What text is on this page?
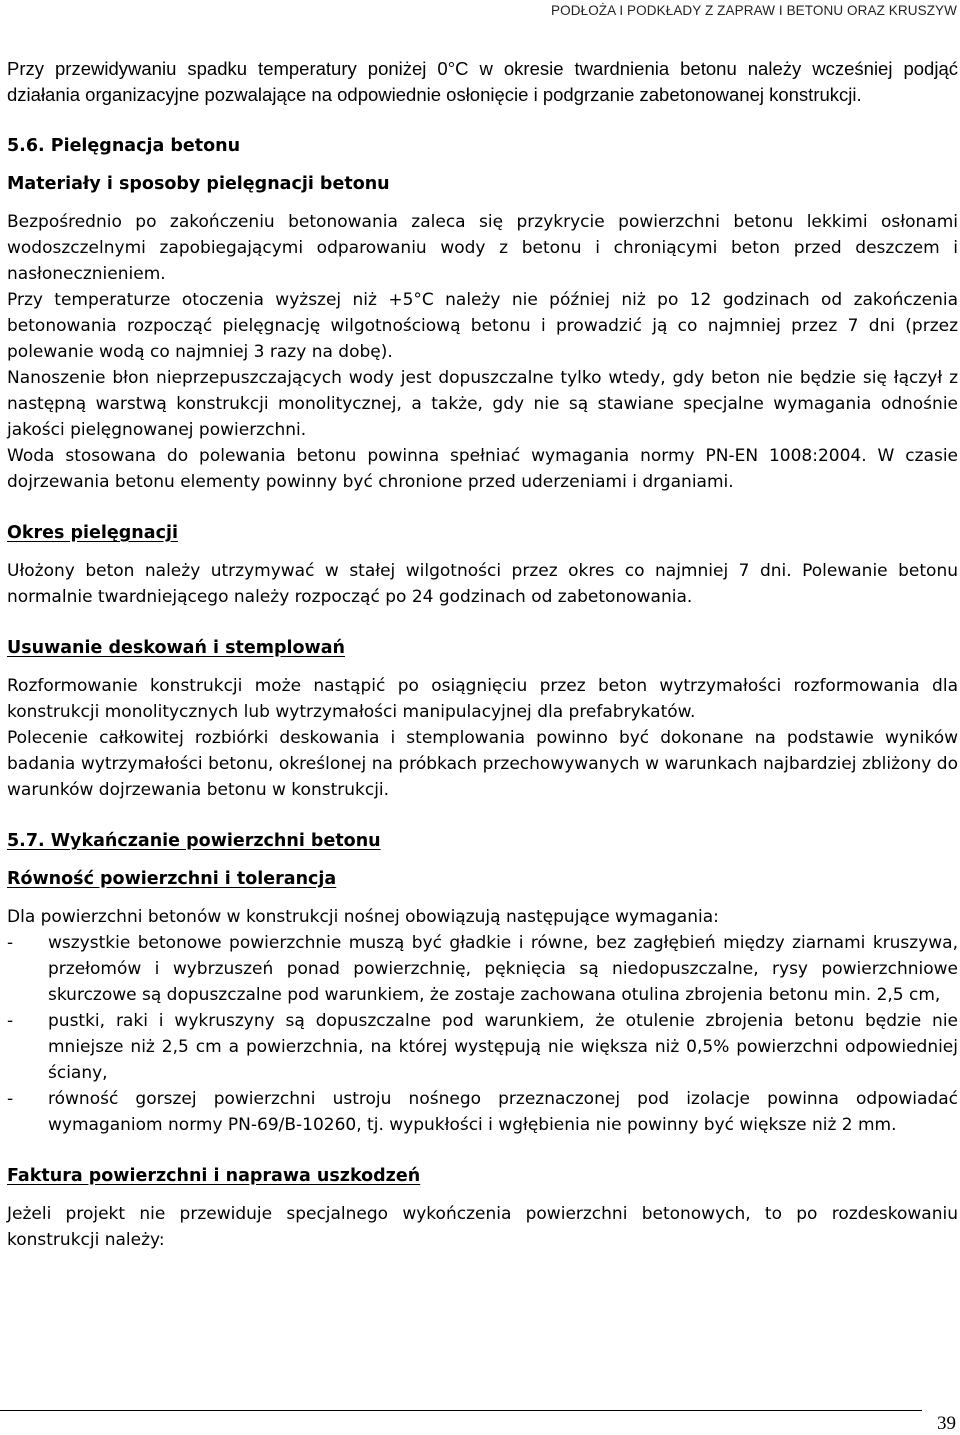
PODŁOŻA I PODKŁADY Z ZAPRAW I BETONU ORAZ KRUSZYW

Przy przewidywaniu spadku temperatury poniżej 0°C w okresie twardnienia betonu należy wcześniej podjąć działania organizacyjne pozwalające na odpowiednie osłonięcie i podgrzanie zabetonowanej konstrukcji.

5.6. Pielęgnacja betonu

Materiały i sposoby pielęgnacji betonu

Bezpośrednio po zakończeniu betonowania zaleca się przykrycie powierzchni betonu lekkimi osłonami wodoszczelnymi zapobiegającymi odparowaniu wody z betonu i chroniącymi beton przed deszczem i nasłonecznieniem.

Przy temperaturze otoczenia wyższej niż +5°C należy nie później niż po 12 godzinach od zakończenia betonowania rozpocząć pielęgnację wilgotnościową betonu i prowadzić ją co najmniej przez 7 dni (przez polewanie wodą co najmniej 3 razy na dobę).

Nanoszenie błon nieprzepuszczających wody jest dopuszczalne tylko wtedy, gdy beton nie będzie się łączył z następną warstwą konstrukcji monolitycznej, a także, gdy nie są stawiane specjalne wymagania odnośnie jakości pielęgnowanej powierzchni.

Woda stosowana do polewania betonu powinna spełniać wymagania normy PN-EN 1008:2004. W czasie dojrzewania betonu elementy powinny być chronione przed uderzeniami i drganiami.

Okres pielęgnacji

Ułożony beton należy utrzymywać w stałej wilgotności przez okres co najmniej 7 dni. Polewanie betonu normalnie twardniejącego należy rozpocząć po 24 godzinach od zabetonowania.

Usuwanie deskowań i stemplowań

Rozformowanie konstrukcji może nastąpić po osiągnięciu przez beton wytrzymałości rozformowania dla konstrukcji monolitycznych lub wytrzymałości manipulacyjnej dla prefabrykatów.

Polecenie całkowitej rozbiórki deskowania i stemplowania powinno być dokonane na podstawie wyników badania wytrzymałości betonu, określonej na próbkach przechowywanych w warunkach najbardziej zbliżony do warunków dojrzewania betonu w konstrukcji.

5.7. Wykańczanie powierzchni betonu

Równość powierzchni i tolerancja

Dla powierzchni betonów w konstrukcji nośnej obowiązują następujące wymagania:

- wszystkie betonowe powierzchnie muszą być gładkie i równe, bez zagłębień między ziarnami kruszywa, przełomów i wybrzuszeń ponad powierzchnię, pęknięcia są niedopuszczalne, rysy powierzchniowe skurczowe są dopuszczalne pod warunkiem, że zostaje zachowana otulina zbrojenia betonu min. 2,5 cm,
- pustki, raki i wykruszyny są dopuszczalne pod warunkiem, że otulenie zbrojenia betonu będzie nie mniejsze niż 2,5 cm a powierzchnia, na której występują nie większa niż 0,5% powierzchni odpowiedniej ściany,
- równość gorszej powierzchni ustroju nośnego przeznaczonej pod izolacje powinna odpowiadać wymaganiom normy PN-69/B-10260, tj. wypukłości i wgłębienia nie powinny być większe niż 2 mm.

Faktura powierzchni i naprawa uszkodzeń

Jeżeli projekt nie przewiduje specjalnego wykończenia powierzchni betonowych, to po rozdeskowaniu konstrukcji należy:

39
